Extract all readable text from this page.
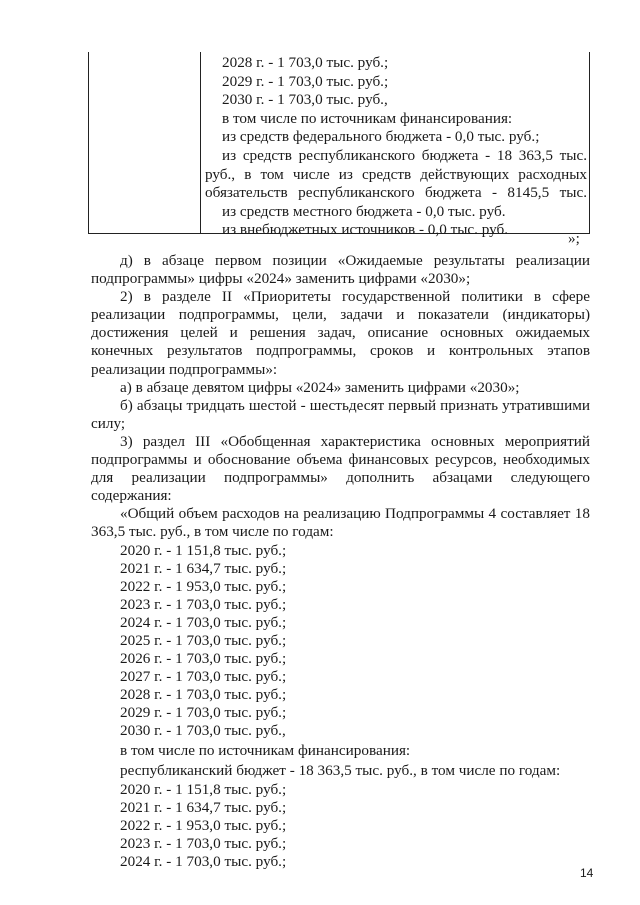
2028 г. - 1 703,0 тыс. руб.;
2029 г. - 1 703,0 тыс. руб.;
2030 г. - 1 703,0 тыс. руб.,
в том числе по источникам финансирования:
из средств федерального бюджета - 0,0 тыс. руб.;
из средств республиканского бюджета - 18 363,5 тыс.
руб., в том числе из средств действующих расходных
обязательств республиканского бюджета - 8145,5 тыс.
из средств местного бюджета - 0,0 тыс. руб.
из внебюджетных источников - 0,0 тыс. руб.
»;
д) в абзаце первом позиции «Ожидаемые результаты реализации
подпрограммы» цифры «2024» заменить цифрами «2030»;
2) в разделе II «Приоритеты государственной политики в сфере
реализации подпрограммы, цели, задачи и показатели (индикаторы)
достижения целей и решения задач, описание основных ожидаемых
конечных результатов подпрограммы, сроков и контрольных этапов
реализации подпрограммы»:
а) в абзаце девятом цифры «2024» заменить цифрами «2030»;
б) абзацы тридцать шестой - шестьдесят первый признать утратившими
силу;
3) раздел III «Обобщенная характеристика основных мероприятий
подпрограммы и обоснование объема финансовых ресурсов, необходимых
для реализации подпрограммы» дополнить абзацами следующего
содержания:
«Общий объем расходов на реализацию Подпрограммы 4 составляет 18
363,5 тыс. руб., в том числе по годам:
2020 г. - 1 151,8 тыс. руб.;
2021 г. - 1 634,7 тыс. руб.;
2022 г. - 1 953,0 тыс. руб.;
2023 г. - 1 703,0 тыс. руб.;
2024 г. - 1 703,0 тыс. руб.;
2025 г. - 1 703,0 тыс. руб.;
2026 г. - 1 703,0 тыс. руб.;
2027 г. - 1 703,0 тыс. руб.;
2028 г. - 1 703,0 тыс. руб.;
2029 г. - 1 703,0 тыс. руб.;
2030 г. - 1 703,0 тыс. руб.,
в том числе по источникам финансирования:
республиканский бюджет - 18 363,5 тыс. руб., в том числе по годам:
2020 г. - 1 151,8 тыс. руб.;
2021 г. - 1 634,7 тыс. руб.;
2022 г. - 1 953,0 тыс. руб.;
2023 г. - 1 703,0 тыс. руб.;
2024 г. - 1 703,0 тыс. руб.;
14
